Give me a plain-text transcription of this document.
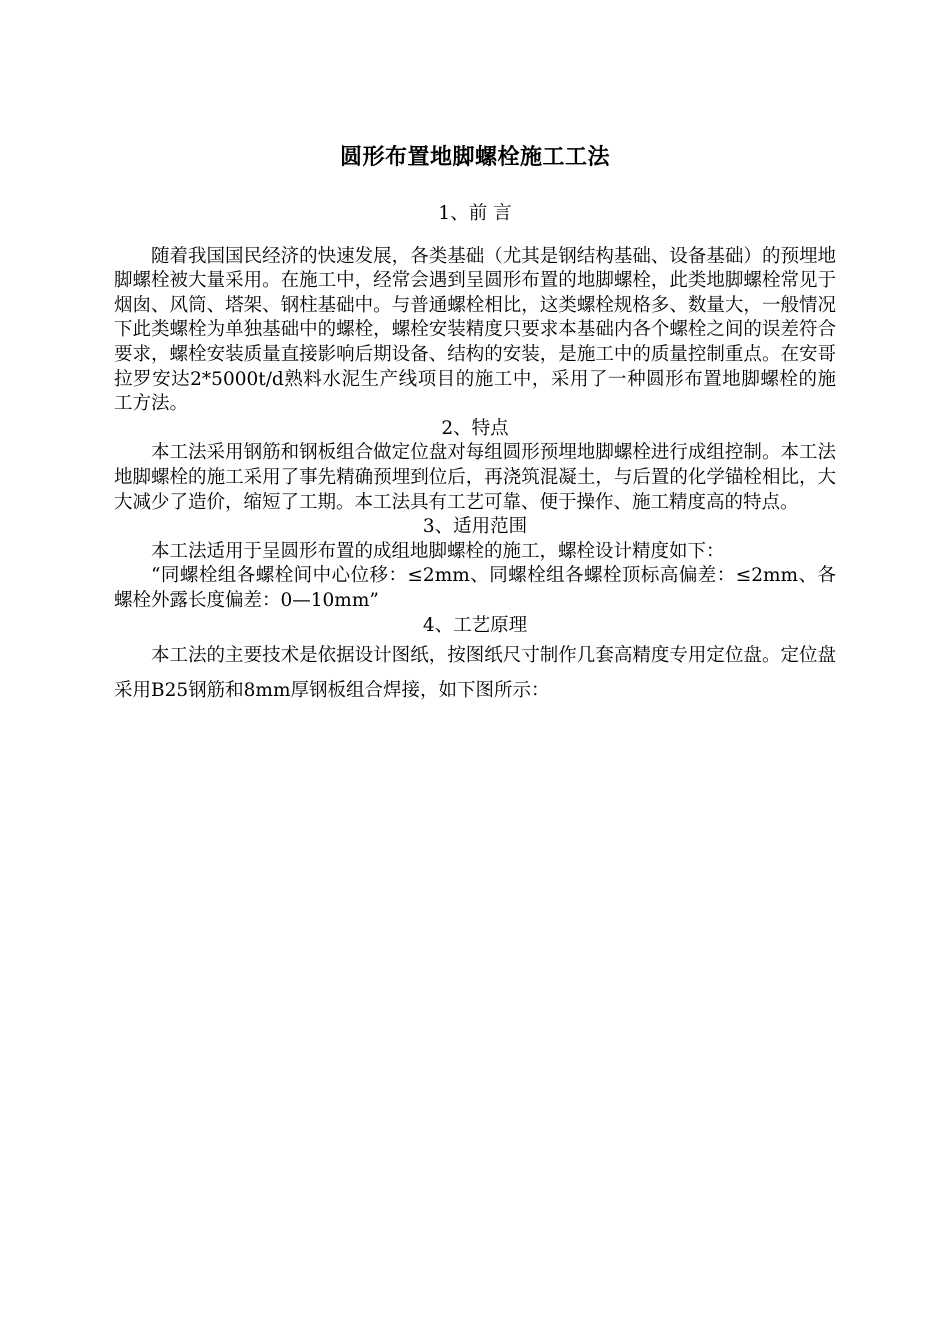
圆形布置地脚螺栓施工工法

1、前 言

随着我国国民经济的快速发展，各类基础（尤其是钢结构基础、设备基础）的预埋地脚螺栓被大量采用。在施工中，经常会遇到呈圆形布置的地脚螺栓，此类地脚螺栓常见于烟囱、风筒、塔架、钢柱基础中。与普通螺栓相比，这类螺栓规格多、数量大，一般情况下此类螺栓为单独基础中的螺栓，螺栓安装精度只要求本基础内各个螺栓之间的误差符合要求，螺栓安装质量直接影响后期设备、结构的安装，是施工中的质量控制重点。在安哥拉罗安达2*5000t/d熟料水泥生产线项目的施工中，采用了一种圆形布置地脚螺栓的施工方法。

2、特点

本工法采用钢筋和钢板组合做定位盘对每组圆形预埋地脚螺栓进行成组控制。本工法地脚螺栓的施工采用了事先精确预埋到位后，再浇筑混凝土，与后置的化学锚栓相比，大大减少了造价，缩短了工期。本工法具有工艺可靠、便于操作、施工精度高的特点。

3、适用范围

本工法适用于呈圆形布置的成组地脚螺栓的施工，螺栓设计精度如下：

“同螺栓组各螺栓间中心位移：≤2mm、同螺栓组各螺栓顶标高偏差：≤2mm、各螺栓外露长度偏差：0—10mm”

4、工艺原理

本工法的主要技术是依据设计图纸，按图纸尺寸制作几套高精度专用定位盘。定位盘采用B25钢筋和8mm厚钢板组合焊接，如下图所示：
